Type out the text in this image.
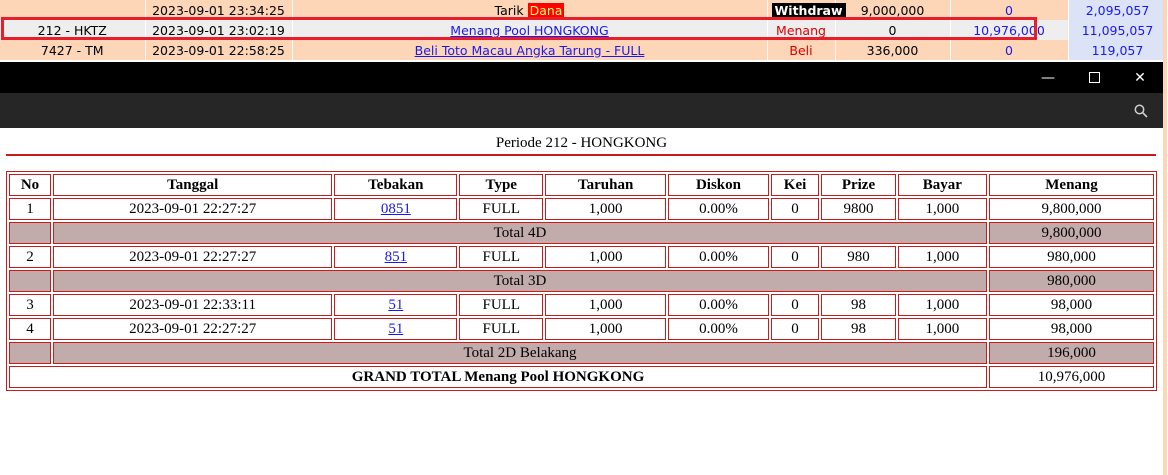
	2023-09-01 23:34:25	Tarik Dana	Withdraw	9,000,000	0	2,095,057
212 - HKTZ	2023-09-01 23:02:19	Menang Pool HONGKONG	Menang	0	10,976,000	11,095,057
7427 - TM	2023-09-01 22:58:25	Beli Toto Macau Angka Tarung - FULL	Beli	336,000	0	119,057
—	✕
Periode 212 - HONGKONG
No	Tanggal	Tebakan	Type	Taruhan	Diskon	Kei	Prize	Bayar	Menang
1	2023-09-01 22:27:27	0851	FULL	1,000	0.00%	0	9800	1,000	9,800,000
	Total 4D								9,800,000
2	2023-09-01 22:27:27	851	FULL	1,000	0.00%	0	980	1,000	980,000
	Total 3D								980,000
3	2023-09-01 22:33:11	51	FULL	1,000	0.00%	0	98	1,000	98,000
4	2023-09-01 22:27:27	51	FULL	1,000	0.00%	0	98	1,000	98,000
	Total 2D Belakang								196,000
GRAND TOTAL Menang Pool HONGKONG									10,976,000
